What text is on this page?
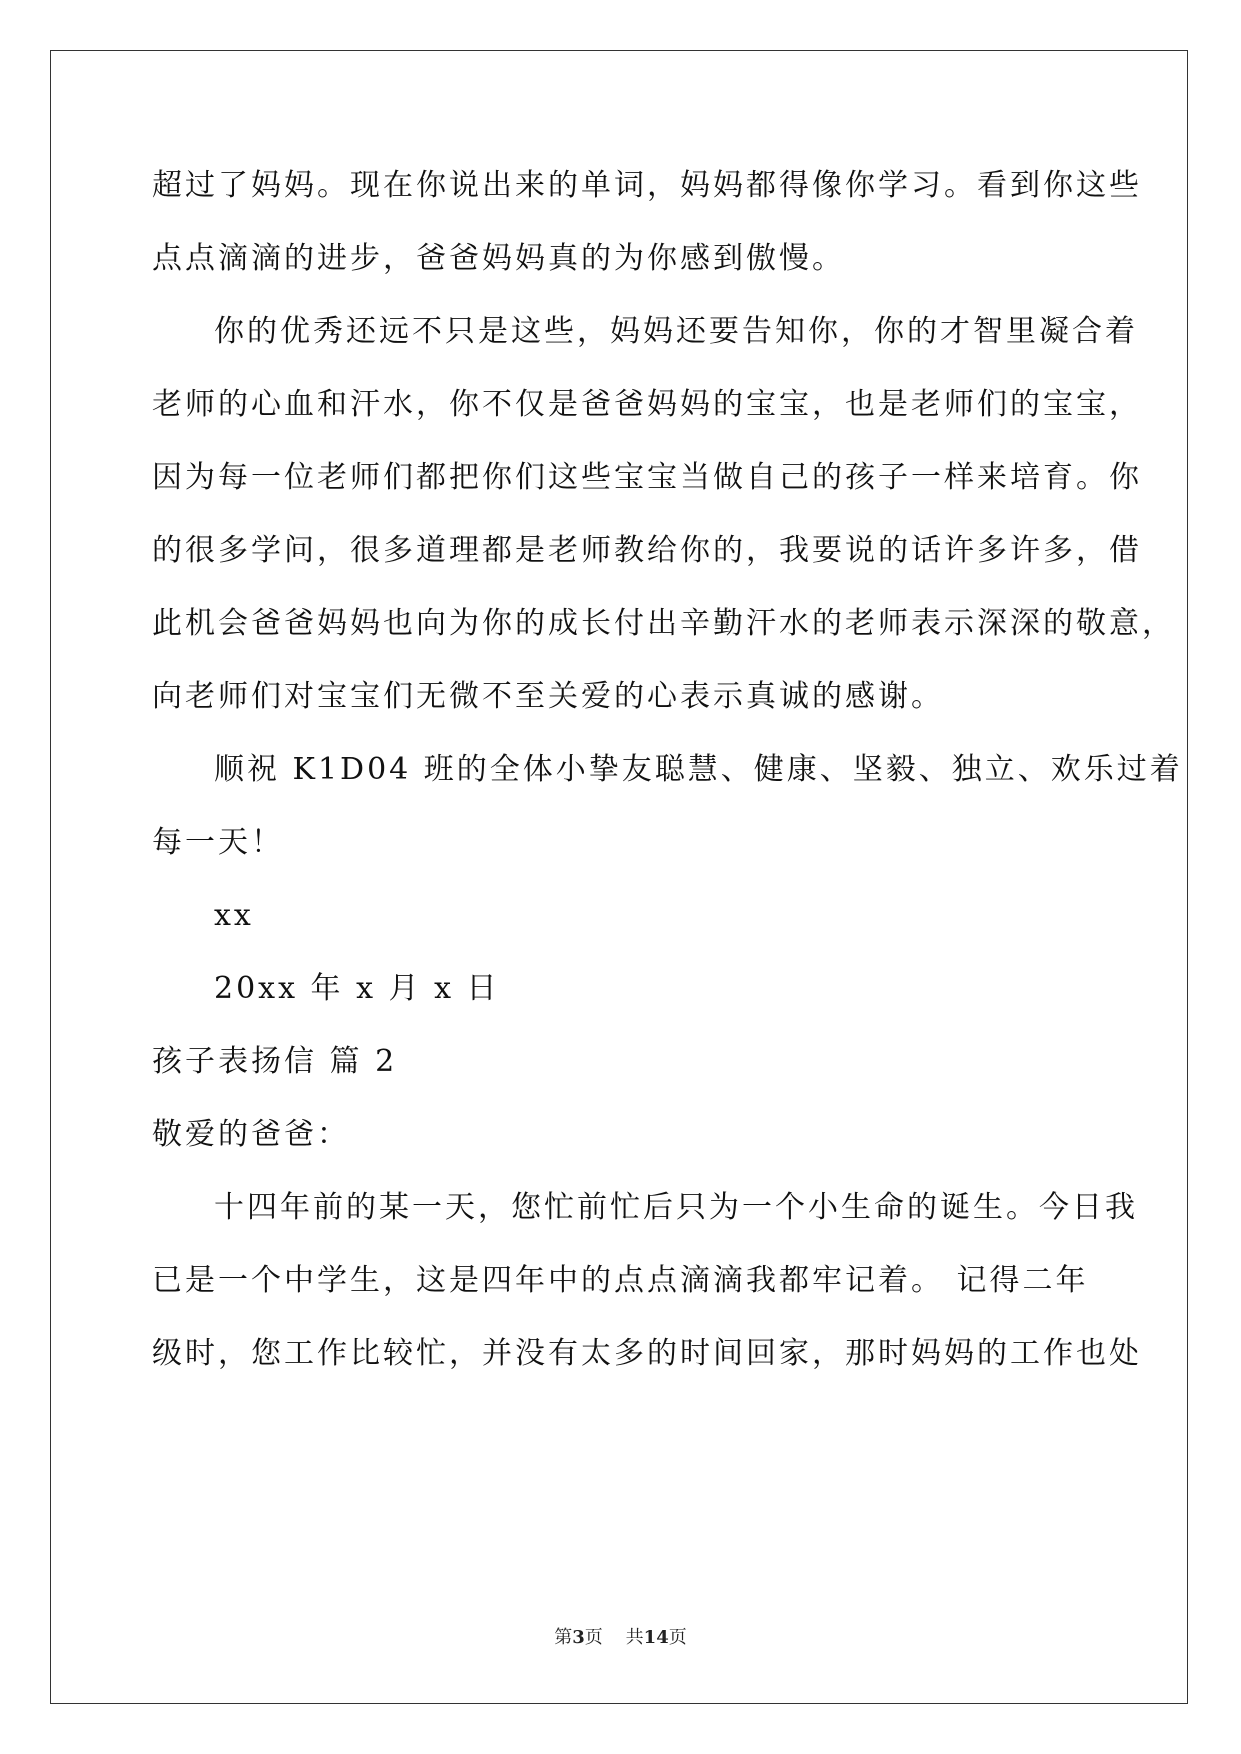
超过了妈妈。现在你说出来的单词，妈妈都得像你学习。看到你这些
点点滴滴的进步，爸爸妈妈真的为你感到傲慢。
你的优秀还远不只是这些，妈妈还要告知你，你的才智里凝合着
老师的心血和汗水，你不仅是爸爸妈妈的宝宝，也是老师们的宝宝，
因为每一位老师们都把你们这些宝宝当做自己的孩子一样来培育。你
的很多学问，很多道理都是老师教给你的，我要说的话许多许多，借
此机会爸爸妈妈也向为你的成长付出辛勤汗水的老师表示深深的敬意，
向老师们对宝宝们无微不至关爱的心表示真诚的感谢。
顺祝 K1D04 班的全体小挚友聪慧、健康、坚毅、独立、欢乐过着
每一天！
xx
20xx 年 x 月 x 日
孩子表扬信 篇 2
敬爱的爸爸：
十四年前的某一天，您忙前忙后只为一个小生命的诞生。今日我
已是一个中学生，这是四年中的点点滴滴我都牢记着。 记得二年
级时，您工作比较忙，并没有太多的时间回家，那时妈妈的工作也处
第3页 共14页
